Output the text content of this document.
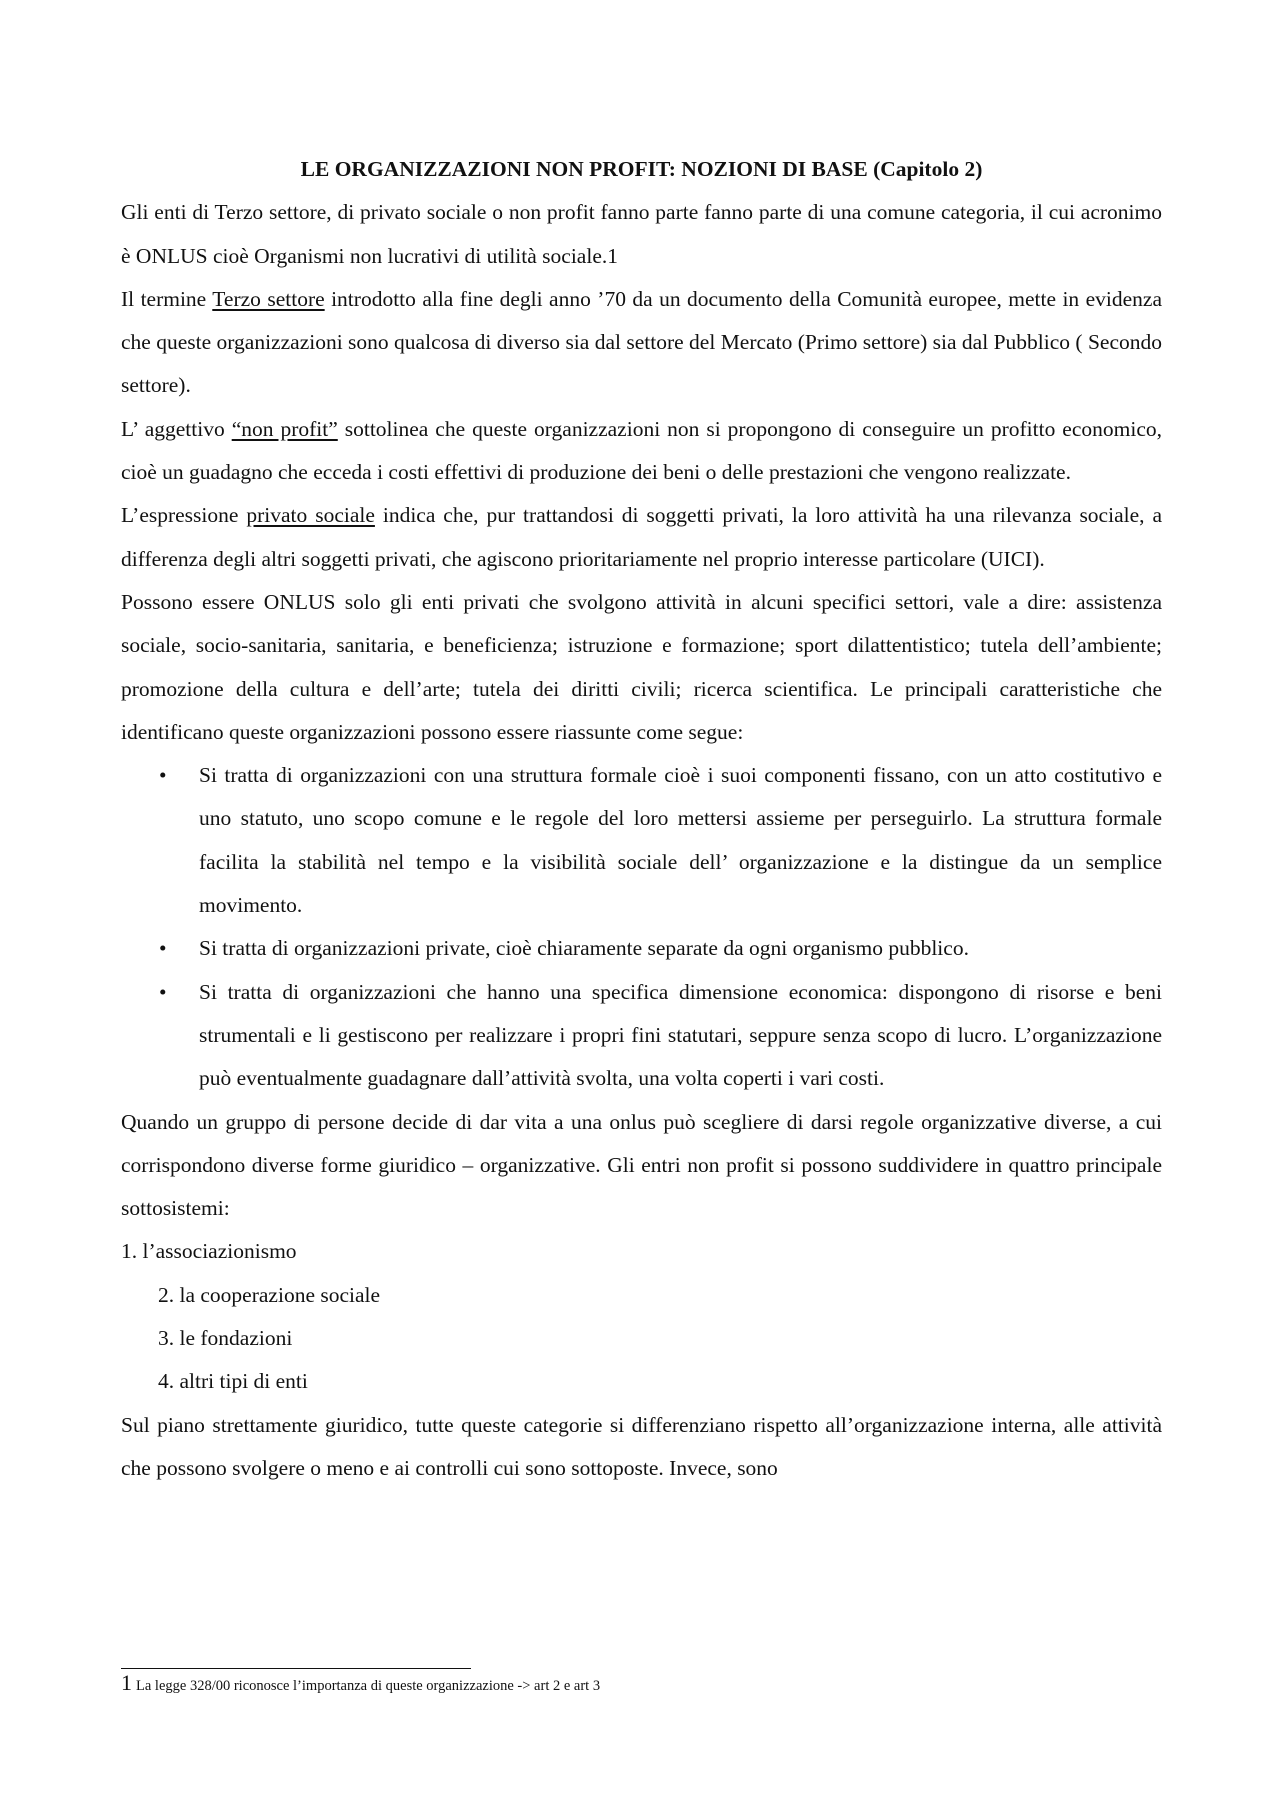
LE ORGANIZZAZIONI NON PROFIT: NOZIONI DI BASE (Capitolo 2)

Gli enti di Terzo settore, di privato sociale o non profit fanno parte fanno parte di una comune categoria, il cui acronimo è ONLUS cioè Organismi non lucrativi di utilità sociale.1

Il termine Terzo settore introdotto alla fine degli anno ’70 da un documento della Comunità europee, mette in evidenza che queste organizzazioni sono qualcosa di diverso sia dal settore del Mercato (Primo settore) sia dal Pubblico ( Secondo settore).

L’ aggettivo “non profit” sottolinea che queste organizzazioni non si propongono di conseguire un profitto economico, cioè un guadagno che ecceda i costi effettivi di produzione dei beni o delle prestazioni che vengono realizzate.

L’espressione privato sociale indica che, pur trattandosi di soggetti privati, la loro attività ha una rilevanza sociale, a differenza degli altri soggetti privati, che agiscono prioritariamente nel proprio interesse particolare (UICI).

Possono essere ONLUS solo gli enti privati che svolgono attività in alcuni specifici settori, vale a dire: assistenza sociale, socio-sanitaria, sanitaria, e beneficienza; istruzione e formazione; sport dilattentistico; tutela dell’ambiente; promozione della cultura e dell’arte; tutela dei diritti civili; ricerca scientifica. Le principali caratteristiche che identificano queste organizzazioni possono essere riassunte come segue:

• Si tratta di organizzazioni con una struttura formale cioè i suoi componenti fissano, con un atto costitutivo e uno statuto, uno scopo comune e le regole del loro mettersi assieme per perseguirlo. La struttura formale facilita la stabilità nel tempo e la visibilità sociale dell’ organizzazione e la distingue da un semplice movimento.
• Si tratta di organizzazioni private, cioè chiaramente separate da ogni organismo pubblico.
• Si tratta di organizzazioni che hanno una specifica dimensione economica: dispongono di risorse e beni strumentali e li gestiscono per realizzare i propri fini statutari, seppure senza scopo di lucro. L’organizzazione può eventualmente guadagnare dall’attività svolta, una volta coperti i vari costi.

Quando un gruppo di persone decide di dar vita a una onlus può scegliere di darsi regole organizzative diverse, a cui corrispondono diverse forme giuridico – organizzative. Gli entri non profit si possono suddividere in quattro principale sottosistemi:

1. l’associazionismo

2. la cooperazione sociale

3. le fondazioni

4. altri tipi di enti

Sul piano strettamente giuridico, tutte queste categorie si differenziano rispetto all’organizzazione interna, alle attività che possono svolgere o meno e ai controlli cui sono sottoposte. Invece, sono

1 La legge 328/00 riconosce l’importanza di queste organizzazione -> art 2 e art 3
